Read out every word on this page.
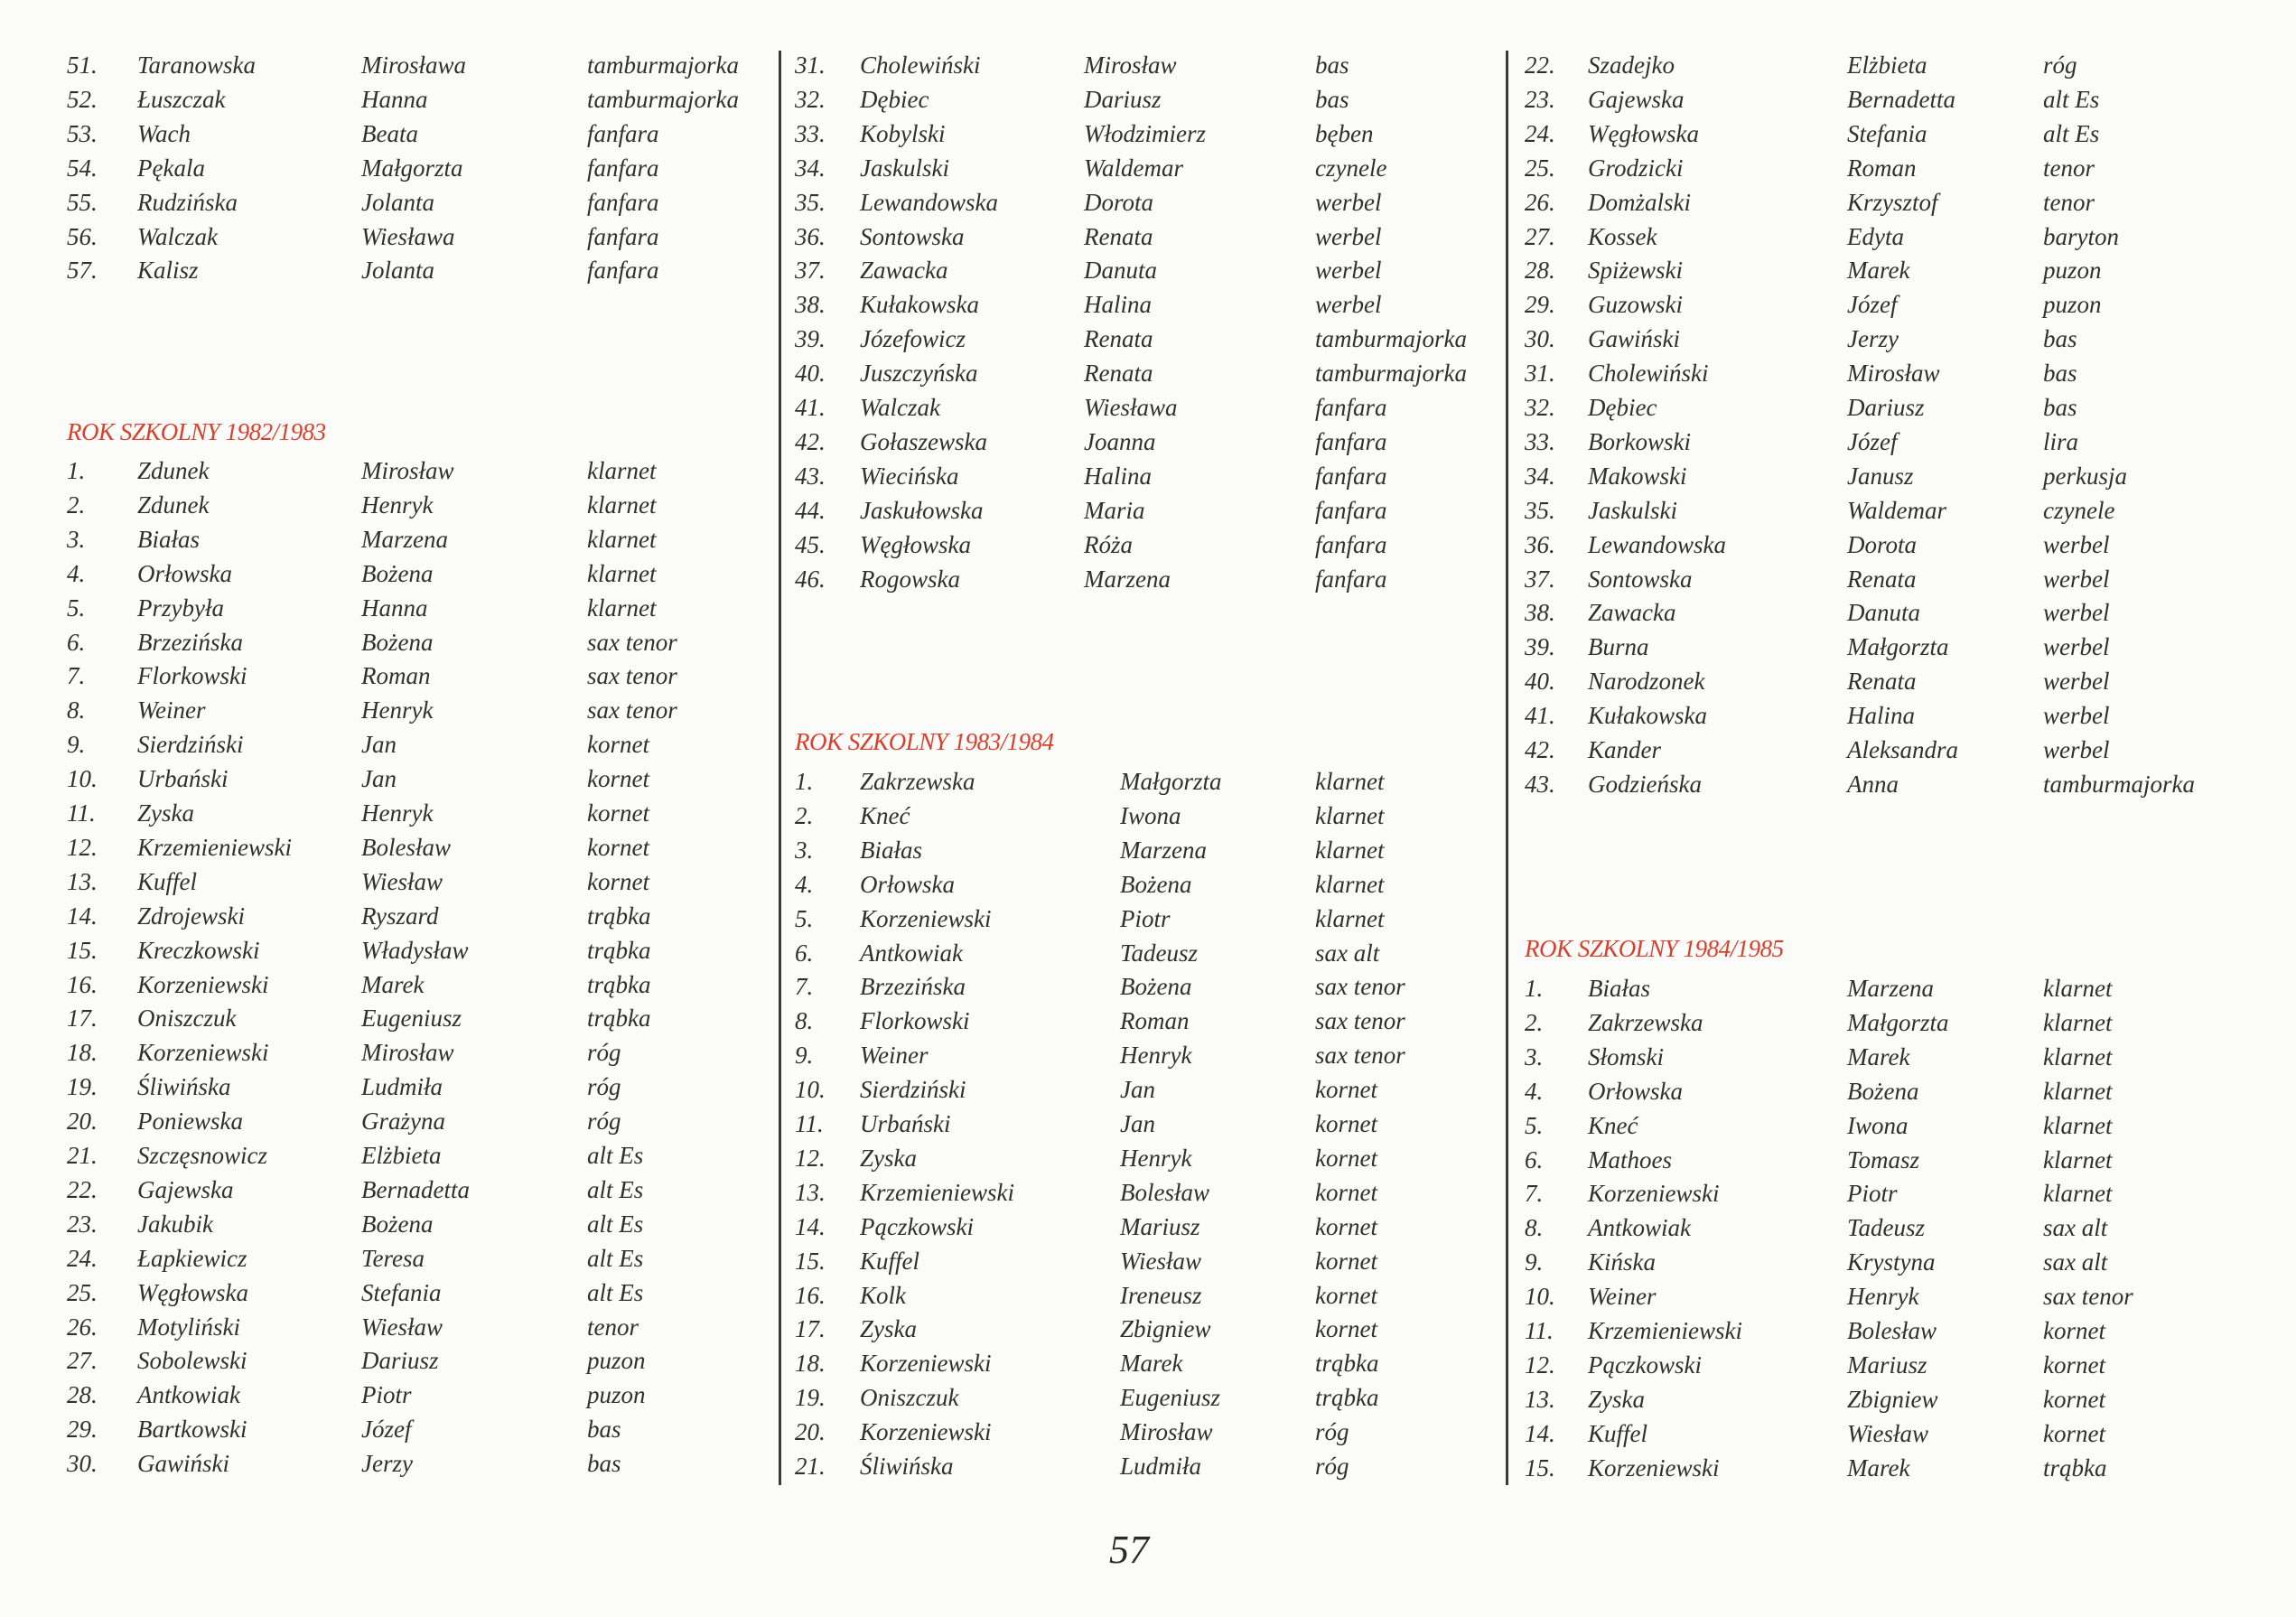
51. Taranowska	Mirosława	tamburmajorka
52. Łuszczak	Hanna	tamburmajorka
53. Wach	Beata	fanfara
54. Pękala	Małgorzta	fanfara
55. Rudzińska	Jolanta	fanfara
56. Walczak	Wiesława	fanfara
57. Kalisz	Jolanta	fanfara
ROK SZKOLNY 1982/1983
1. Zdunek	Mirosław	klarnet
2. Zdunek	Henryk	klarnet
3. Białas	Marzena	klarnet
4. Orłowska	Bożena	klarnet
5. Przybyła	Hanna	klarnet
6. Brzezińska	Bożena	sax tenor
7. Florkowski	Roman	sax tenor
8. Weiner	Henryk	sax tenor
9. Sierdziński	Jan	kornet
10. Urbański	Jan	kornet
11. Zyska	Henryk	kornet
12. Krzemieniewski	Bolesław	kornet
13. Kuffel	Wiesław	kornet
14. Zdrojewski	Ryszard	trąbka
15. Kreczkowski	Władysław	trąbka
16. Korzeniewski	Marek	trąbka
17. Oniszczuk	Eugeniusz	trąbka
18. Korzeniewski	Mirosław	róg
19. Śliwińska	Ludmiła	róg
20. Poniewska	Grażyna	róg
21. Szczęsnowicz	Elżbieta	alt Es
22. Gajewska	Bernadetta	alt Es
23. Jakubik	Bożena	alt Es
24. Łapkiewicz	Teresa	alt Es
25. Węgłowska	Stefania	alt Es
26. Motyliński	Wiesław	tenor
27. Sobolewski	Dariusz	puzon
28. Antkowiak	Piotr	puzon
29. Bartkowski	Józef	bas
30. Gawiński	Jerzy	bas
31. Cholewiński	Mirosław	bas
32. Dębiec	Dariusz	bas
33. Kobylski	Włodzimierz	bęben
34. Jaskulski	Waldemar	czynele
35. Lewandowska	Dorota	werbel
36. Sontowska	Renata	werbel
37. Zawacka	Danuta	werbel
38. Kułakowska	Halina	werbel
39. Józefowicz	Renata	tamburmajorka
40. Juszczyńska	Renata	tamburmajorka
41. Walczak	Wiesława	fanfara
42. Gołaszewska	Joanna	fanfara
43. Wiecińska	Halina	fanfara
44. Jaskułowska	Maria	fanfara
45. Węgłowska	Róża	fanfara
46. Rogowska	Marzena	fanfara
ROK SZKOLNY 1983/1984
1. Zakrzewska	Małgorzta	klarnet
2. Kneć	Iwona	klarnet
3. Białas	Marzena	klarnet
4. Orłowska	Bożena	klarnet
5. Korzeniewski	Piotr	klarnet
6. Antkowiak	Tadeusz	sax alt
7. Brzezińska	Bożena	sax tenor
8. Florkowski	Roman	sax tenor
9. Weiner	Henryk	sax tenor
10. Sierdziński	Jan	kornet
11. Urbański	Jan	kornet
12. Zyska	Henryk	kornet
13. Krzemieniewski	Bolesław	kornet
14. Pączkowski	Mariusz	kornet
15. Kuffel	Wiesław	kornet
16. Kolk	Ireneusz	kornet
17. Zyska	Zbigniew	kornet
18. Korzeniewski	Marek	trąbka
19. Oniszczuk	Eugeniusz	trąbka
20. Korzeniewski	Mirosław	róg
21. Śliwińska	Ludmiła	róg
22. Szadejko	Elżbieta	róg
23. Gajewska	Bernadetta	alt Es
24. Węgłowska	Stefania	alt Es
25. Grodzicki	Roman	tenor
26. Domżalski	Krzysztof	tenor
27. Kossek	Edyta	baryton
28. Spiżewski	Marek	puzon
29. Guzowski	Józef	puzon
30. Gawiński	Jerzy	bas
31. Cholewiński	Mirosław	bas
32. Dębiec	Dariusz	bas
33. Borkowski	Józef	lira
34. Makowski	Janusz	perkusja
35. Jaskulski	Waldemar	czynele
36. Lewandowska	Dorota	werbel
37. Sontowska	Renata	werbel
38. Zawacka	Danuta	werbel
39. Burna	Małgorzta	werbel
40. Narodzonek	Renata	werbel
41. Kułakowska	Halina	werbel
42. Kander	Aleksandra	werbel
43. Godzieńska	Anna	tamburmajorka
ROK SZKOLNY 1984/1985
1. Białas	Marzena	klarnet
2. Zakrzewska	Małgorzta	klarnet
3. Słomski	Marek	klarnet
4. Orłowska	Bożena	klarnet
5. Kneć	Iwona	klarnet
6. Mathoes	Tomasz	klarnet
7. Korzeniewski	Piotr	klarnet
8. Antkowiak	Tadeusz	sax alt
9. Kińska	Krystyna	sax alt
10. Weiner	Henryk	sax tenor
11. Krzemieniewski	Bolesław	kornet
12. Pączkowski	Mariusz	kornet
13. Zyska	Zbigniew	kornet
14. Kuffel	Wiesław	kornet
15. Korzeniewski	Marek	trąbka
57
